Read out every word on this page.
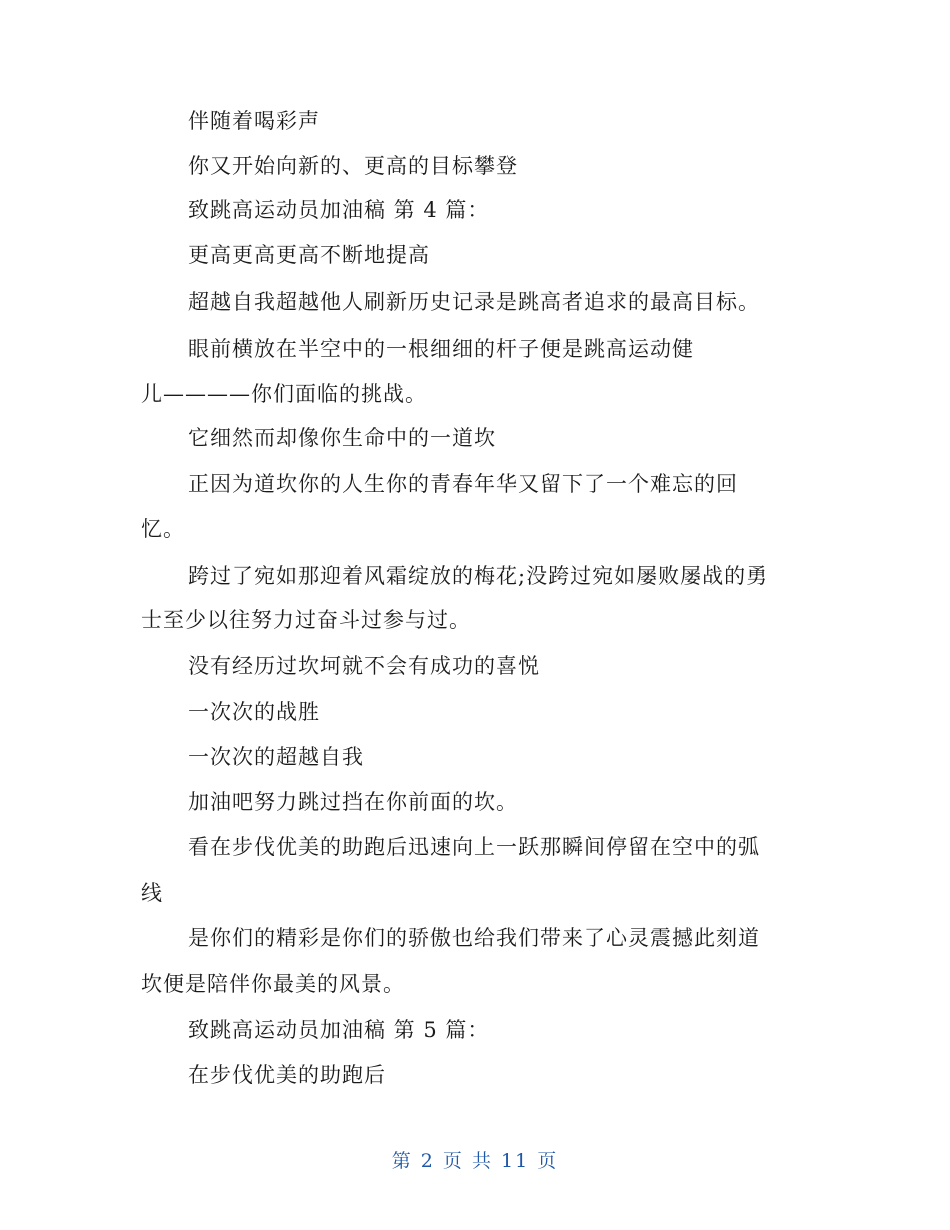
伴随着喝彩声
你又开始向新的、更高的目标攀登
致跳高运动员加油稿 第 4 篇：
更高更高更高不断地提高
超越自我超越他人刷新历史记录是跳高者追求的最高目标。
眼前横放在半空中的一根细细的杆子便是跳高运动健
儿————你们面临的挑战。
它细然而却像你生命中的一道坎
正因为道坎你的人生你的青春年华又留下了一个难忘的回
忆。
跨过了宛如那迎着风霜绽放的梅花;没跨过宛如屡败屡战的勇
士至少以往努力过奋斗过参与过。
没有经历过坎坷就不会有成功的喜悦
一次次的战胜
一次次的超越自我
加油吧努力跳过挡在你前面的坎。
看在步伐优美的助跑后迅速向上一跃那瞬间停留在空中的弧
线
是你们的精彩是你们的骄傲也给我们带来了心灵震撼此刻道
坎便是陪伴你最美的风景。
致跳高运动员加油稿 第 5 篇：
在步伐优美的助跑后
第 2 页 共 11 页
